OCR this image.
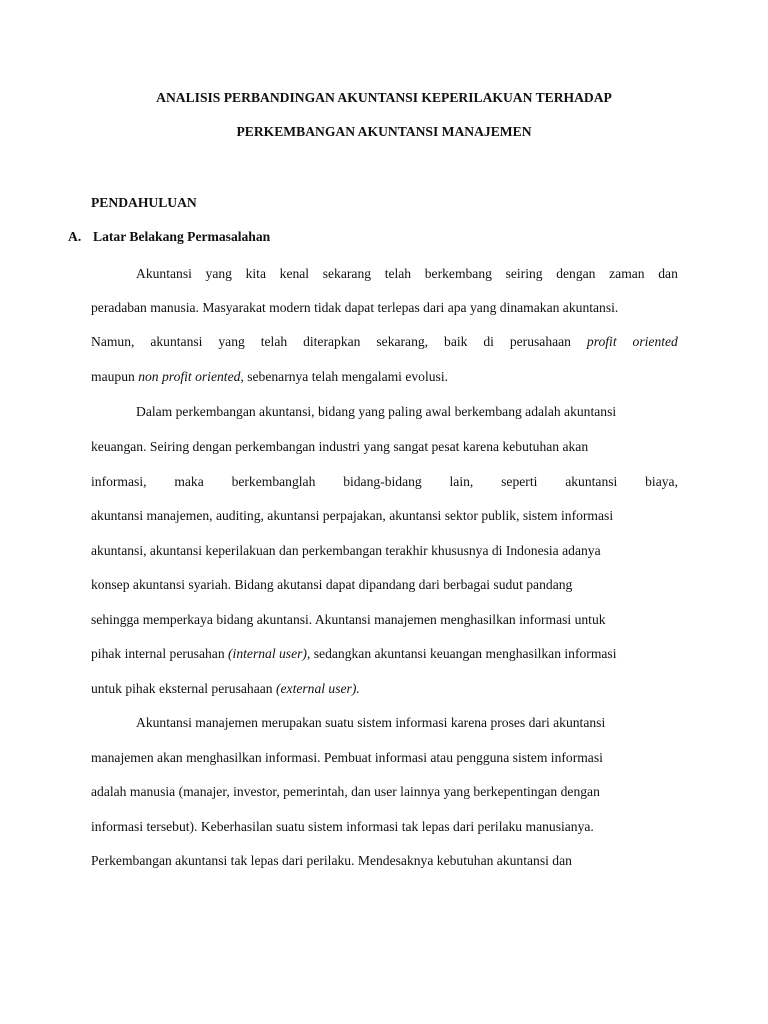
ANALISIS PERBANDINGAN AKUNTANSI KEPERILAKUAN TERHADAP
PERKEMBANGAN AKUNTANSI MANAJEMEN
PENDAHULUAN
A. Latar Belakang Permasalahan
Akuntansi yang kita kenal sekarang telah berkembang seiring dengan zaman dan
peradaban manusia. Masyarakat modern tidak dapat terlepas dari apa yang dinamakan akuntansi.
Namun, akuntansi yang telah diterapkan sekarang, baik di perusahaan profit oriented
maupun non profit oriented, sebenarnya telah mengalami evolusi.
Dalam perkembangan akuntansi, bidang yang paling awal berkembang adalah akuntansi
keuangan. Seiring dengan perkembangan industri yang sangat pesat karena kebutuhan akan
informasi, maka berkembanglah bidang-bidang lain, seperti akuntansi biaya,
akuntansi manajemen, auditing, akuntansi perpajakan, akuntansi sektor publik, sistem informasi
akuntansi, akuntansi keperilakuan dan perkembangan terakhir khususnya di Indonesia adanya
konsep akuntansi syariah. Bidang akutansi dapat dipandang dari berbagai sudut pandang
sehingga memperkaya bidang akuntansi. Akuntansi manajemen menghasilkan informasi untuk
pihak internal perusahan (internal user), sedangkan akuntansi keuangan menghasilkan informasi
untuk pihak eksternal perusahaan (external user).
Akuntansi manajemen merupakan suatu sistem informasi karena proses dari akuntansi
manajemen akan menghasilkan informasi. Pembuat informasi atau pengguna sistem informasi
adalah manusia (manajer, investor, pemerintah, dan user lainnya yang berkepentingan dengan
informasi tersebut). Keberhasilan suatu sistem informasi tak lepas dari perilaku manusianya.
Perkembangan akuntansi tak lepas dari perilaku. Mendesaknya kebutuhan akuntansi dan
